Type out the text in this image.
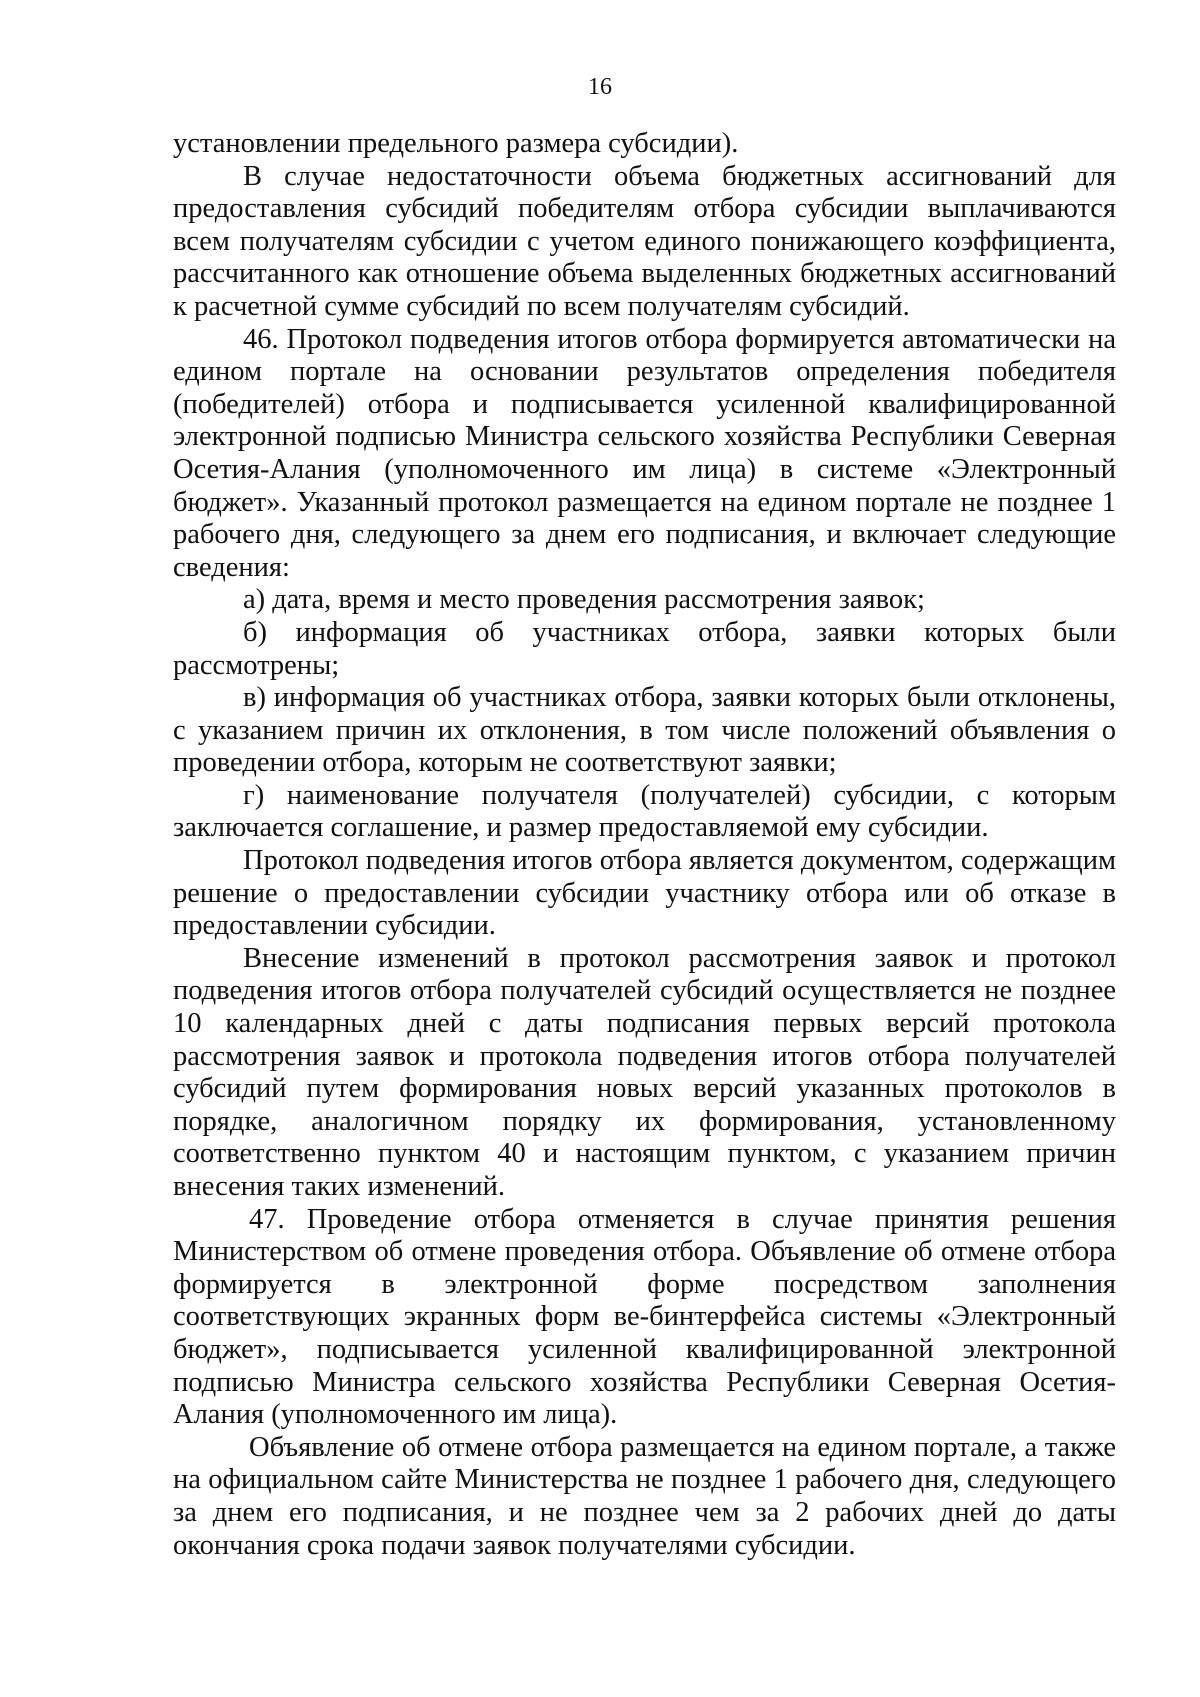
16

установлении предельного размера субсидии).

В случае недостаточности объема бюджетных ассигнований для предоставления субсидий победителям отбора субсидии выплачиваются всем получателям субсидии с учетом единого понижающего коэффициента, рассчитанного как отношение объема выделенных бюджетных ассигнований к расчетной сумме субсидий по всем получателям субсидий.

46. Протокол подведения итогов отбора формируется автоматически на едином портале на основании результатов определения победителя (победителей) отбора и подписывается усиленной квалифицированной электронной подписью Министра сельского хозяйства Республики Северная Осетия-Алания (уполномоченного им лица) в системе «Электронный бюджет». Указанный протокол размещается на едином портале не позднее 1 рабочего дня, следующего за днем его подписания, и включает следующие сведения:

а) дата, время и место проведения рассмотрения заявок;

б) информация об участниках отбора, заявки которых были рассмотрены;

в) информация об участниках отбора, заявки которых были отклонены, с указанием причин их отклонения, в том числе положений объявления о проведении отбора, которым не соответствуют заявки;

г) наименование получателя (получателей) субсидии, с которым заключается соглашение, и размер предоставляемой ему субсидии.

Протокол подведения итогов отбора является документом, содержащим решение о предоставлении субсидии участнику отбора или об отказе в предоставлении субсидии.

Внесение изменений в протокол рассмотрения заявок и протокол подведения итогов отбора получателей субсидий осуществляется не позднее 10 календарных дней с даты подписания первых версий протокола рассмотрения заявок и протокола подведения итогов отбора получателей субсидий путем формирования новых версий указанных протоколов в порядке, аналогичном порядку их формирования, установленному соответственно пунктом 40 и настоящим пунктом, с указанием причин внесения таких изменений.

47. Проведение отбора отменяется в случае принятия решения Министерством об отмене проведения отбора. Объявление об отмене отбора формируется в электронной форме посредством заполнения соответствующих экранных форм ве-бинтерфейса системы «Электронный бюджет», подписывается усиленной квалифицированной электронной подписью Министра сельского хозяйства Республики Северная Осетия-Алания (уполномоченного им лица).

Объявление об отмене отбора размещается на едином портале, а также на официальном сайте Министерства не позднее 1 рабочего дня, следующего за днем его подписания, и не позднее чем за 2 рабочих дней до даты окончания срока подачи заявок получателями субсидии.
